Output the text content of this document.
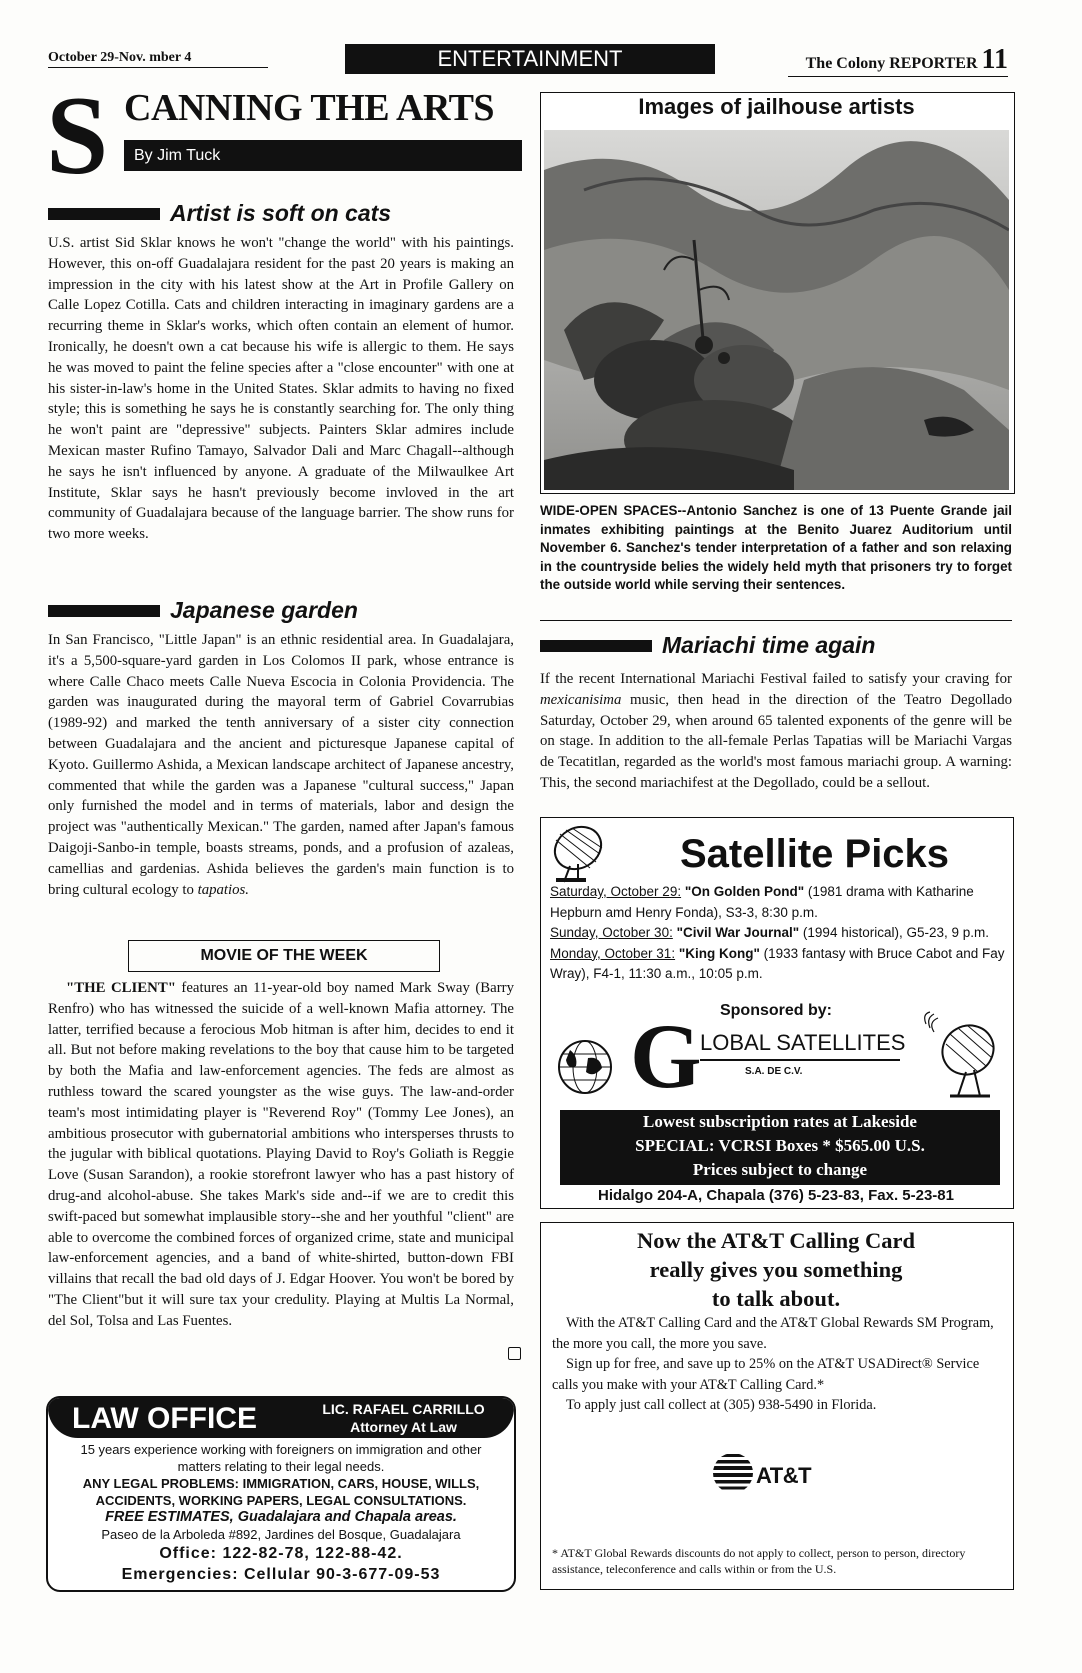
October 29-Nov. mber 4	ENTERTAINMENT	The Colony REPORTER 11
S CANNING THE ARTS
By Jim Tuck
Artist is soft on cats

U.S. artist Sid Sklar knows he won't "change the world" with his paintings. However, this on-off Guadalajara resident for the past 20 years is making an impression in the city with his latest show at the Art in Profile Gallery on Calle Lopez Cotilla. Cats and children interacting in imaginary gardens are a recurring theme in Sklar's works, which often contain an element of humor. Ironically, he doesn't own a cat because his wife is allergic to them. He says he was moved to paint the feline species after a "close encounter" with one at his sister-in-law's home in the United States. Sklar admits to having no fixed style; this is something he says he is constantly searching for. The only thing he won't paint are "depressive" subjects. Painters Sklar admires include Mexican master Rufino Tamayo, Salvador Dali and Marc Chagall--although he says he isn't influenced by anyone. A graduate of the Milwaulkee Art Institute, Sklar says he hasn't previously become invloved in the art community of Guadalajara because of the language barrier. The show runs for two more weeks.

Japanese garden

In San Francisco, "Little Japan" is an ethnic residential area. In Guadalajara, it's a 5,500-square-yard garden in Los Colomos II park, whose entrance is where Calle Chaco meets Calle Nueva Escocia in Colonia Providencia. The garden was inaugurated during the mayoral term of Gabriel Covarrubias (1989-92) and marked the tenth anniversary of a sister city connection between Guadalajara and the ancient and picturesque Japanese capital of Kyoto. Guillermo Ashida, a Mexican landscape architect of Japanese ancestry, commented that while the garden was a Japanese "cultural success," Japan only furnished the model and in terms of materials, labor and design the project was "authentically Mexican." The garden, named after Japan's famous Daigoji-Sanbo-in temple, boasts streams, ponds, and a profusion of azaleas, camellias and gardenias. Ashida believes the garden's main function is to bring cultural ecology to tapatios.

MOVIE OF THE WEEK

"THE CLIENT" features an 11-year-old boy named Mark Sway (Barry Renfro) who has witnessed the suicide of a well-known Mafia attorney. The latter, terrified because a ferocious Mob hitman is after him, decides to end it all. But not before making revelations to the boy that cause him to be targeted by both the Mafia and law-enforcement agencies. The feds are almost as ruthless toward the scared youngster as the wise guys. The law-and-order team's most intimidating player is "Reverend Roy" (Tommy Lee Jones), an ambitious prosecutor with gubernatorial ambitions who intersperses thrusts to the jugular with biblical quotations. Playing David to Roy's Goliath is Reggie Love (Susan Sarandon), a rookie storefront lawyer who has a past history of drug-and alcohol-abuse. She takes Mark's side and--if we are to credit this swift-paced but somewhat implausible story--she and her youthful "client" are able to overcome the combined forces of organized crime, state and municipal law-enforcement agencies, and a band of white-shirted, button-down FBI villains that recall the bad old days of J. Edgar Hoover. You won't be bored by "The Client"but it will sure tax your credulity. Playing at Multis La Normal, del Sol, Tolsa and Las Fuentes.

LAW OFFICE	LIC. RAFAEL CARRILLO
Attorney At Law
15 years experience working with foreigners on immigration and other matters relating to their legal needs.
ANY LEGAL PROBLEMS: IMMIGRATION, CARS, HOUSE, WILLS, ACCIDENTS, WORKING PAPERS, LEGAL CONSULTATIONS.
FREE ESTIMATES, Guadalajara and Chapala areas.
Paseo de la Arboleda #892, Jardines del Bosque, Guadalajara
Office: 122-82-78, 122-88-42.
Emergencies: Cellular 90-3-677-09-53
Images of jailhouse artists
WIDE-OPEN SPACES--Antonio Sanchez is one of 13 Puente Grande jail inmates exhibiting paintings at the Benito Juarez Auditorium until November 6. Sanchez's tender interpretation of a father and son relaxing in the countryside belies the widely held myth that prisoners try to forget the outside world while serving their sentences.
Mariachi time again

If the recent International Mariachi Festival failed to satisfy your craving for mexicanisima music, then head in the direction of the Teatro Degollado Saturday, October 29, when around 65 talented exponents of the genre will be on stage. In addition to the all-female Perlas Tapatias will be Mariachi Vargas de Tecatitlan, regarded as the world's most famous mariachi group. A warning: This, the second mariachifest at the Degollado, could be a sellout.

Satellite Picks
Saturday, October 29: "On Golden Pond" (1981 drama with Katharine Hepburn amd Henry Fonda), S3-3, 8:30 p.m.
Sunday, October 30: "Civil War Journal" (1994 historical), G5-23, 9 p.m.
Monday, October 31: "King Kong" (1933 fantasy with Bruce Cabot and Fay Wray), F4-1, 11:30 a.m., 10:05 p.m.
Sponsored by:
G
LOBAL SATELLITES
S.A. DE C.V.
Lowest subscription rates at Lakeside
SPECIAL: VCRSI Boxes * $565.00 U.S.
Prices subject to change
Hidalgo 204-A, Chapala (376) 5-23-83, Fax. 5-23-81
Now the AT&T Calling Card
really gives you something
to talk about.

With the AT&T Calling Card and the AT&T Global Rewards SM Program, the more you call, the more you save.

Sign up for free, and save up to 25% on the AT&T USADirect® Service calls you make with your AT&T Calling Card.*

To apply just call collect at (305) 938-5490 in Florida.

AT&T
* AT&T Global Rewards discounts do not apply to collect, person to person, directory assistance, teleconference and calls within or from the U.S.
